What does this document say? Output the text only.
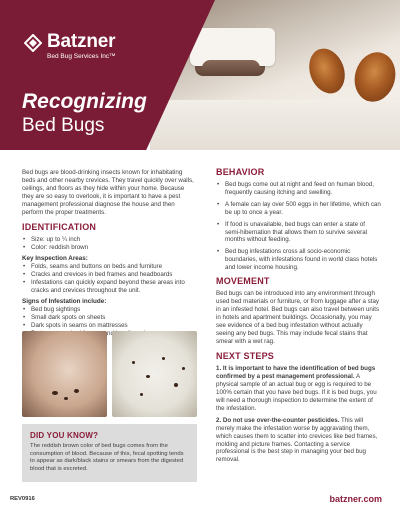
Batzner
Bed Bug Services Inc™
Recognizing
Bed Bugs

Bed bugs are blood-drinking insects known for inhabitating beds and other nearby crevices. They travel quickly over walls, ceilings, and floors as they hide within your home. Because they are so easy to overlook, it is important to have a pest management professional diagnose the house and then perform the proper treatments.

IDENTIFICATION
• Size: up to ¼ inch
• Color: reddish brown
Key Inspection Areas:
• Folds, seams and buttons on beds and furniture
• Cracks and crevices in bed frames and headboards
• Infestations can quickly expand beyond these areas into cracks and crevices throughout the unit.
Signs of Infestation include:
• Bed bug sightings
• Small dark spots on sheets
• Dark spots in seams on mattresses
• and
DID YOU KNOW?

The reddish brown color of bed bugs comes from the consumption of blood. Because of this, fecal spotting tends to appear as dark/black stains or smears from the digested blood that is excreted.

BEHAVIOR
• Bed bugs come out at night and feed on human blood, frequently causing itching and swelling.
• A female can lay over 500 eggs in her lifetime, which can be up to once a year.
• If food is unavailable, bed bugs can enter a state of semi-hibernation that allows them to survive several months without feeding.
• Bed bug infestations cross all socio-economic boundaries, with infestations found in world class hotels and lower income housing.
MOVEMENT

Bed bugs can be introduced into any environment through used bed materials or furniture, or from luggage after a stay in an infested hotel. Bed bugs can also travel between units in hotels and apartment buildings. Occasionally, you may see evidence of a bed bug infestation without actually seeing any bed bugs. This may include fecal stains that smear with a wet rag.

NEXT STEPS

1. It is important to have the identification of bed bugs confirmed by a pest management professional. A physical sample of an actual bug or egg is required to be 100% certain that you have bed bugs. If it is bed bugs, you will need a thorough inspection to determine the extent of the infestation.

2. Do not use over-the-counter pesticides. This will merely make the infestation worse by aggravating them, which causes them to scatter into crevices like bed frames, molding and picture frames. Contacting a service professional is the best step in managing your bed bug removal.

REV0916	batzner.com
